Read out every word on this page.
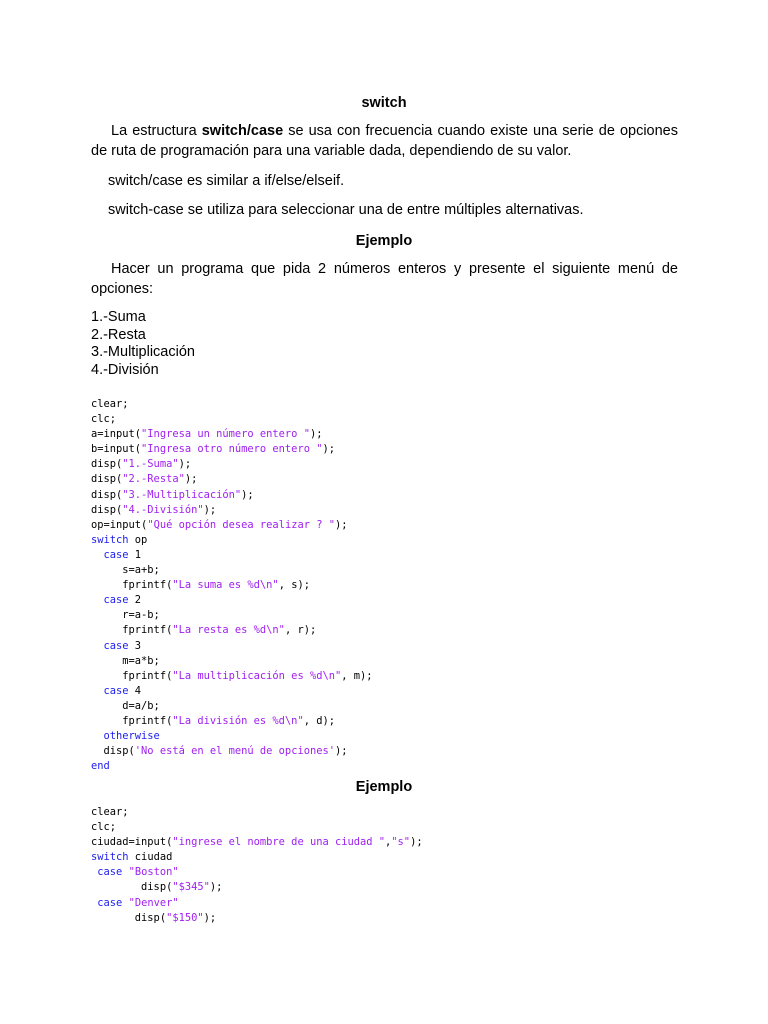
switch

La estructura switch/case se usa con frecuencia cuando existe una serie de opciones de ruta de programación para una variable dada, dependiendo de su valor.

switch/case es similar a if/else/elseif.
switch-case se utiliza para seleccionar una de entre múltiples alternativas.
Ejemplo

Hacer un programa que pida 2 números enteros y presente el siguiente menú de opciones:

1.-Suma
2.-Resta
3.-Multiplicación
4.-División
clear;
clc;
a=input("Ingresa un número entero ");
b=input("Ingresa otro número entero ");
disp("1.-Suma");
disp("2.-Resta");
disp("3.-Multiplicación");
disp("4.-División");
op=input("Qué opción desea realizar ? ");
switch op
case 1
s=a+b;
fprintf("La suma es %d\n", s);
case 2
r=a-b;
fprintf("La resta es %d\n", r);
case 3
m=a*b;
fprintf("La multiplicación es %d\n", m);
case 4
d=a/b;
fprintf("La división es %d\n", d);
otherwise
disp('No está en el menú de opciones');
end
Ejemplo
clear;
clc;
ciudad=input("ingrese el nombre de una ciudad ","s");
switch ciudad
case "Boston"
disp("$345");
case "Denver"
disp("$150");
